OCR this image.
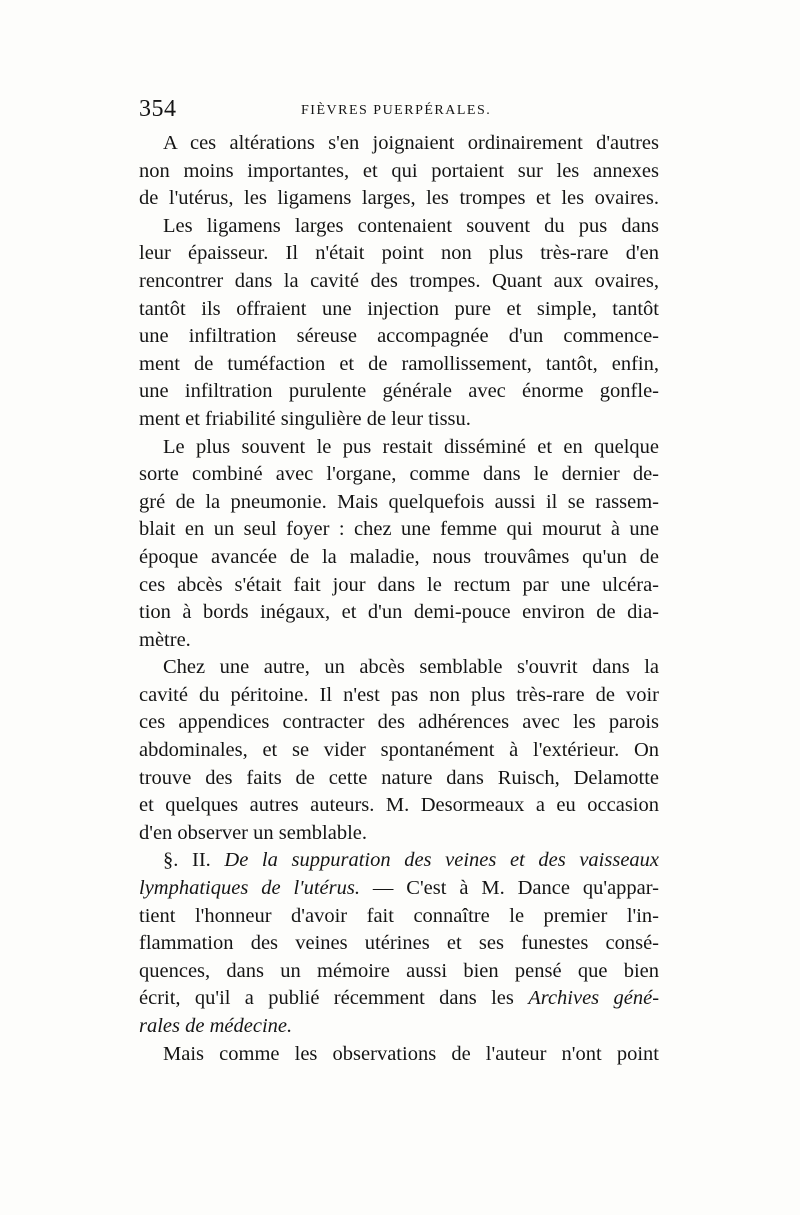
354	FIÈVRES PUERPÉRALES.
A ces altérations s'en joignaient ordinairement d'autres
non moins importantes, et qui portaient sur les annexes
de l'utérus, les ligamens larges, les trompes et les ovaires.
Les ligamens larges contenaient souvent du pus dans
leur épaisseur. Il n'était point non plus très-rare d'en
rencontrer dans la cavité des trompes. Quant aux ovaires,
tantôt ils offraient une injection pure et simple, tantôt
une infiltration séreuse accompagnée d'un commence-
ment de tuméfaction et de ramollissement, tantôt, enfin,
une infiltration purulente générale avec énorme gonfle-
ment et friabilité singulière de leur tissu.
Le plus souvent le pus restait disséminé et en quelque
sorte combiné avec l'organe, comme dans le dernier de-
gré de la pneumonie. Mais quelquefois aussi il se rassem-
blait en un seul foyer : chez une femme qui mourut à une
époque avancée de la maladie, nous trouvâmes qu'un de
ces abcès s'était fait jour dans le rectum par une ulcéra-
tion à bords inégaux, et d'un demi-pouce environ de dia-
mètre.
Chez une autre, un abcès semblable s'ouvrit dans la
cavité du péritoine. Il n'est pas non plus très-rare de voir
ces appendices contracter des adhérences avec les parois
abdominales, et se vider spontanément à l'extérieur. On
trouve des faits de cette nature dans Ruisch, Delamotte
et quelques autres auteurs. M. Desormeaux a eu occasion
d'en observer un semblable.
§. II. De la suppuration des veines et des vaisseaux
lymphatiques de l'utérus. — C'est à M. Dance qu'appar-
tient l'honneur d'avoir fait connaître le premier l'in-
flammation des veines utérines et ses funestes consé-
quences, dans un mémoire aussi bien pensé que bien
écrit, qu'il a publié récemment dans les Archives géné-
rales de médecine.
Mais comme les observations de l'auteur n'ont point
